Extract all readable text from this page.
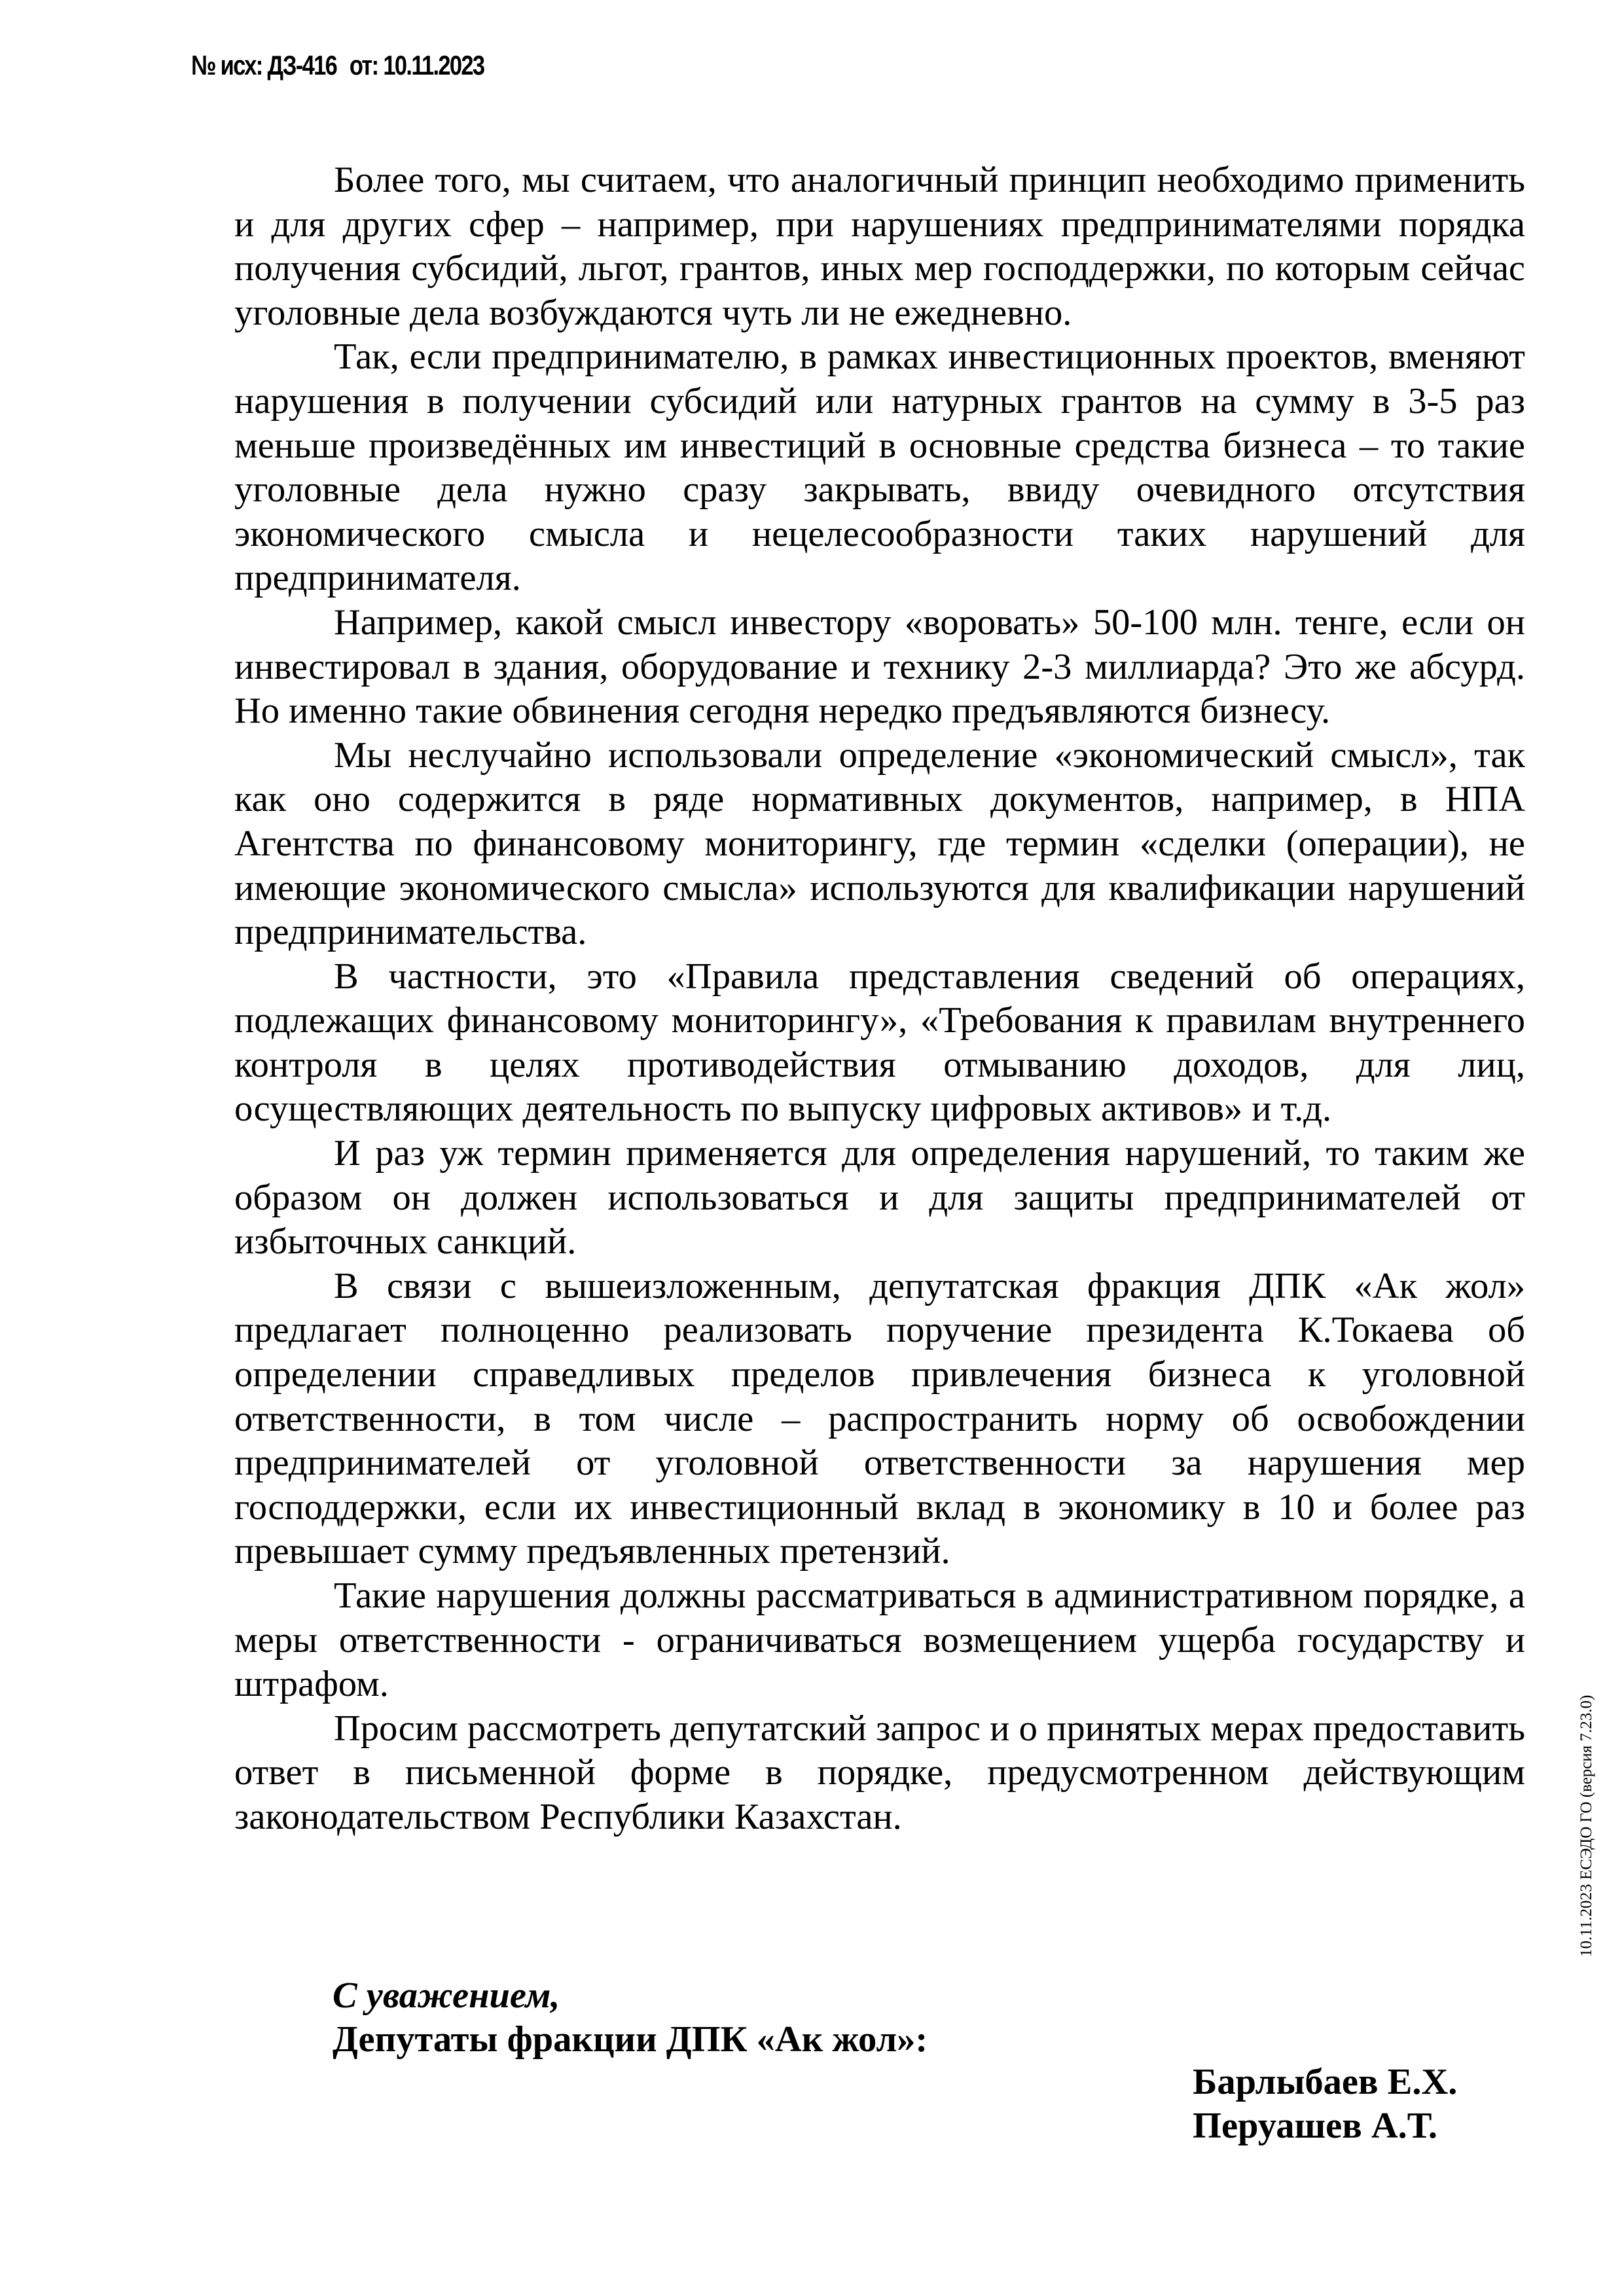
№ исх: ДЗ-416 от: 10.11.2023

Более того, мы считаем, что аналогичный принцип необходимо применить и для других сфер – например, при нарушениях предпринимателями порядка получения субсидий, льгот, грантов, иных мер господдержки, по которым сейчас уголовные дела возбуждаются чуть ли не ежедневно.

Так, если предпринимателю, в рамках инвестиционных проектов, вменяют нарушения в получении субсидий или натурных грантов на сумму в 3-5 раз меньше произведённых им инвестиций в основные средства бизнеса – то такие уголовные дела нужно сразу закрывать, ввиду очевидного отсутствия экономического смысла и нецелесообразности таких нарушений для предпринимателя.

Например, какой смысл инвестору «воровать» 50-100 млн. тенге, если он инвестировал в здания, оборудование и технику 2-3 миллиарда? Это же абсурд. Но именно такие обвинения сегодня нередко предъявляются бизнесу.

Мы неслучайно использовали определение «экономический смысл», так как оно содержится в ряде нормативных документов, например, в НПА Агентства по финансовому мониторингу, где термин «сделки (операции), не имеющие экономического смысла» используются для квалификации нарушений предпринимательства.

В частности, это «Правила представления сведений об операциях, подлежащих финансовому мониторингу», «Требования к правилам внутреннего контроля в целях противодействия отмыванию доходов, для лиц, осуществляющих деятельность по выпуску цифровых активов» и т.д.

И раз уж термин применяется для определения нарушений, то таким же образом он должен использоваться и для защиты предпринимателей от избыточных санкций.

В связи с вышеизложенным, депутатская фракция ДПК «Ак жол» предлагает полноценно реализовать поручение президента К.Токаева об определении справедливых пределов привлечения бизнеса к уголовной ответственности, в том числе – распространить норму об освобождении предпринимателей от уголовной ответственности за нарушения мер господдержки, если их инвестиционный вклад в экономику в 10 и более раз превышает сумму предъявленных претензий.

Такие нарушения должны рассматриваться в административном порядке, а меры ответственности - ограничиваться возмещением ущерба государству и штрафом.

Просим рассмотреть депутатский запрос и о принятых мерах предоставить ответ в письменной форме в порядке, предусмотренном действующим законодательством Республики Казахстан.	10.11.2023 ЕСЭДО ГО (версия 7.23.0)
С уважением,
Депутаты фракции ДПК «Ак жол»:
Барлыбаев Е.Х.
Перуашев А.Т.
